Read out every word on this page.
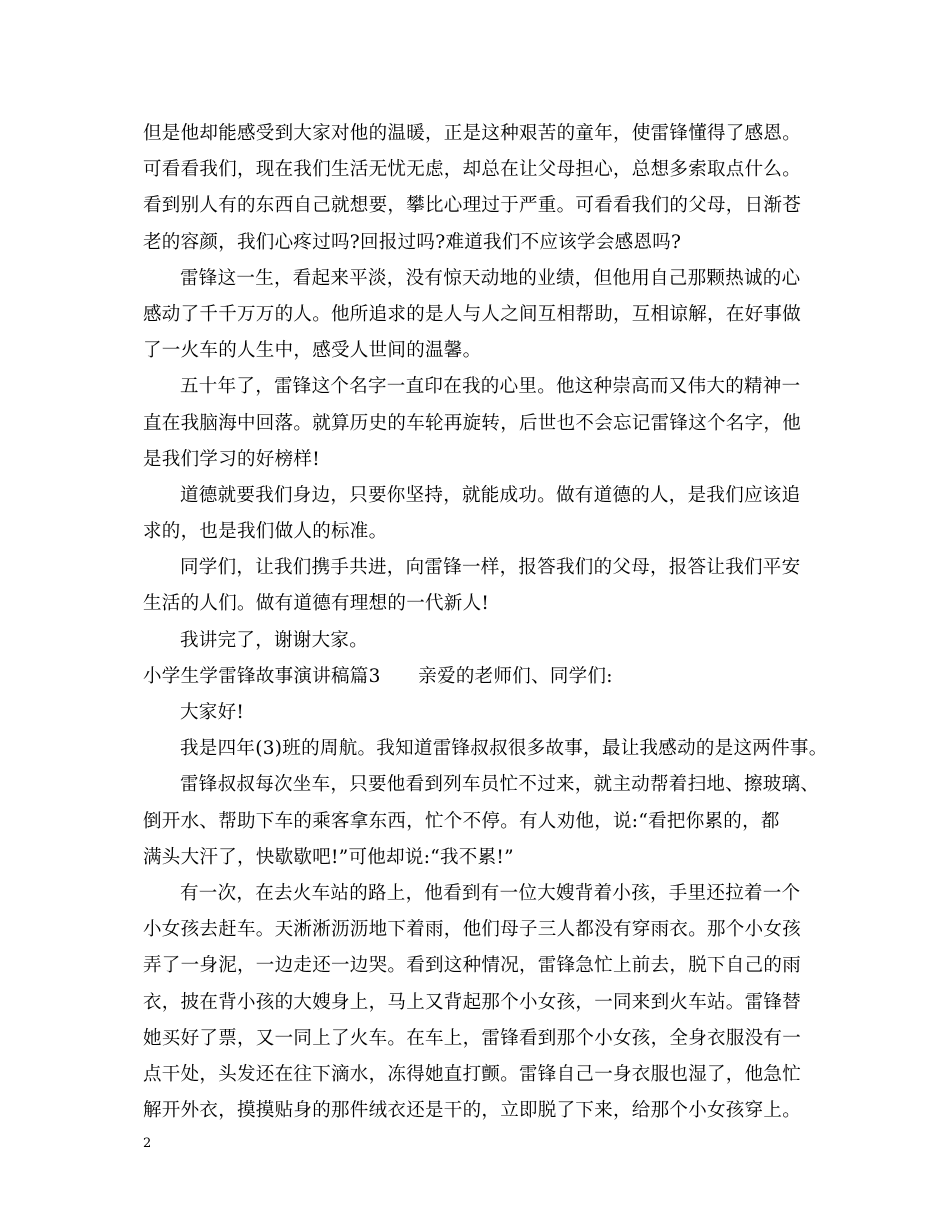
但是他却能感受到大家对他的温暖，正是这种艰苦的童年，使雷锋懂得了感恩。
可看看我们，现在我们生活无忧无虑，却总在让父母担心，总想多索取点什么。
看到别人有的东西自己就想要，攀比心理过于严重。可看看我们的父母，日渐苍
老的容颜，我们心疼过吗?回报过吗?难道我们不应该学会感恩吗?
雷锋这一生，看起来平淡，没有惊天动地的业绩，但他用自己那颗热诚的心
感动了千千万万的人。他所追求的是人与人之间互相帮助，互相谅解，在好事做
了一火车的人生中，感受人世间的温馨。
五十年了，雷锋这个名字一直印在我的心里。他这种崇高而又伟大的精神一
直在我脑海中回落。就算历史的车轮再旋转，后世也不会忘记雷锋这个名字，他
是我们学习的好榜样!
道德就要我们身边，只要你坚持，就能成功。做有道德的人，是我们应该追
求的，也是我们做人的标准。
同学们，让我们携手共进，向雷锋一样，报答我们的父母，报答让我们平安
生活的人们。做有道德有理想的一代新人!
我讲完了，谢谢大家。
小学生学雷锋故事演讲稿篇3　　亲爱的老师们、同学们:
大家好!
我是四年(3)班的周航。我知道雷锋叔叔很多故事，最让我感动的是这两件事。
雷锋叔叔每次坐车，只要他看到列车员忙不过来，就主动帮着扫地、擦玻璃、
倒开水、帮助下车的乘客拿东西，忙个不停。有人劝他，说:“看把你累的，都
满头大汗了，快歇歇吧!”可他却说:“我不累!”
有一次，在去火车站的路上，他看到有一位大嫂背着小孩，手里还拉着一个
小女孩去赶车。天淅淅沥沥地下着雨，他们母子三人都没有穿雨衣。那个小女孩
弄了一身泥，一边走还一边哭。看到这种情况，雷锋急忙上前去，脱下自己的雨
衣，披在背小孩的大嫂身上，马上又背起那个小女孩，一同来到火车站。雷锋替
她买好了票，又一同上了火车。在车上，雷锋看到那个小女孩，全身衣服没有一
点干处，头发还在往下滴水，冻得她直打颤。雷锋自己一身衣服也湿了，他急忙
解开外衣，摸摸贴身的那件绒衣还是干的，立即脱了下来，给那个小女孩穿上。
2
